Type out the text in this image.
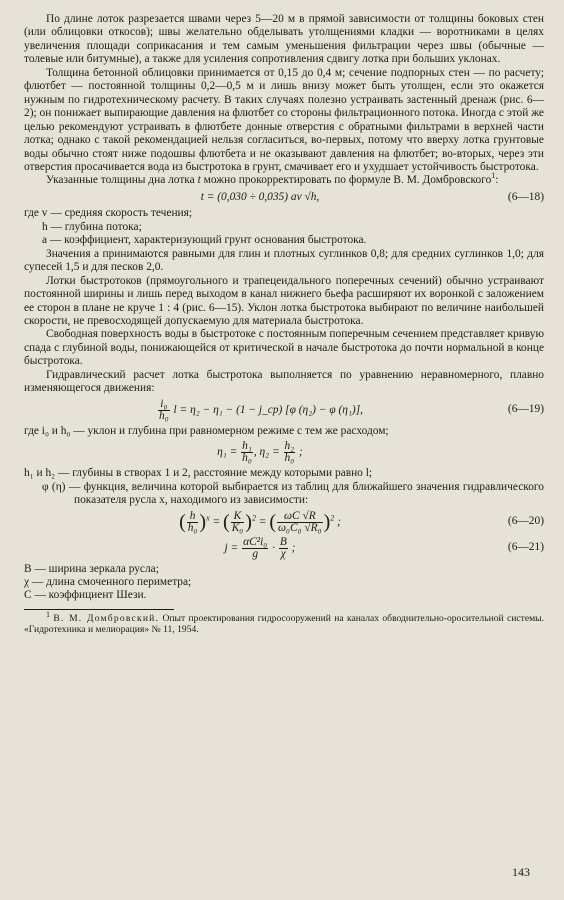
По длине лоток разрезается швами через 5—20 м в прямой зависимости от толщины боковых стен (или облицовки откосов); швы желательно обделывать утолщениями кладки — воротниками в целях увеличения площади соприкасания и тем самым уменьшения фильтрации через швы (обычные — толевые или битумные), а также для усиления сопротивления сдвигу лотка при больших уклонах.

Толщина бетонной облицовки принимается от 0,15 до 0,4 м; сечение подпорных стен — по расчету; флютбет — постоянной толщины 0,2—0,5 м и лишь внизу может быть утолщен, если это окажется нужным по гидротехническому расчету. В таких случаях полезно устраивать застенный дренаж (рис. 6—2); он понижает выпирающие давления на флютбет со стороны фильтрационного потока. Иногда с этой же целью рекомендуют устраивать в флютбете донные отверстия с обратными фильтрами в верхней части лотка; однако с такой рекомендацией нельзя согласиться, во-первых, потому что вверху лотка грунтовые воды обычно стоят ниже подошвы флютбета и не оказывают давления на флютбет; во-вторых, через эти отверстия просачивается вода из быстротока в грунт, смачивает его и ухудшает устойчивость быстротока.

Указанные толщины дна лотка t можно прокорректировать по формуле В. М. Домбровского$^1$:

t = (0,030 ÷ 0,035) av √h,	(6—18)

где v — средняя скорость течения;

h — глубина потока;

a — коэффициент, характеризующий грунт основания быстротока.

Значения a принимаются равными для глин и плотных суглинков 0,8; для средних суглинков 1,0; для супесей 1,5 и для песков 2,0.

Лотки быстротоков (прямоугольного и трапецеидального поперечных сечений) обычно устраивают постоянной ширины и лишь перед выходом в канал нижнего бьефа расширяют их воронкой с заложением ее сторон в плане не круче 1 : 4 (рис. 6—15). Уклон лотка быстротока выбирают по величине наибольшей скорости, не превосходящей допускаемую для материала быстротока.

Свободная поверхность воды в быстротоке с постоянным поперечным сечением представляет кривую спада с глубиной воды, понижающейся от критической в начале быстротока до почти нормальной в конце быстротока.

Гидравлический расчет лотка быстротока выполняется по уравнению неравномерного, плавно изменяющегося движения:

$\frac{\text{i₀}}{\text{h₀}}$ l = η₂ − η₁ − (1 − j_ср) [φ (η₂) − φ (η₁)],	(6—19)

где i₀ и h₀ — уклон и глубина при равномерном режиме с тем же расходом;

$\eta_1 = \frac{\text{h₁}}{\text{h₀}}$ , $\eta_2 = \frac{\text{h₂}}{\text{h₀}}$ ;

h₁ и h₂ — глубины в створах 1 и 2, расстояние между которыми равно l;

φ (η) — функция, величина которой выбирается из таблиц для ближайшего значения гидравлического показателя русла x, находимого из зависимости:

( $\frac{h}{\text{h₀}} )^x$ = ( $\frac{K}{\text{K₀}} )^2$ = ( $\frac{\omega C √R}{\text{ω₀C₀ √R₀}} )^2$ ;	(6—20)
$j = \frac{\text{αC²i₀}}{g} \cdot \frac{B}{\chi}$ ;	(6—21)

B — ширина зеркала русла;

χ — длина смоченного периметра;

C — коэффициент Шези.

$^1$ В. М. Домбровский. Опыт проектирования гидросооружений на каналах обводнительно-оросительной системы. «Гидротехника и мелиорация» № 11, 1954.

143
